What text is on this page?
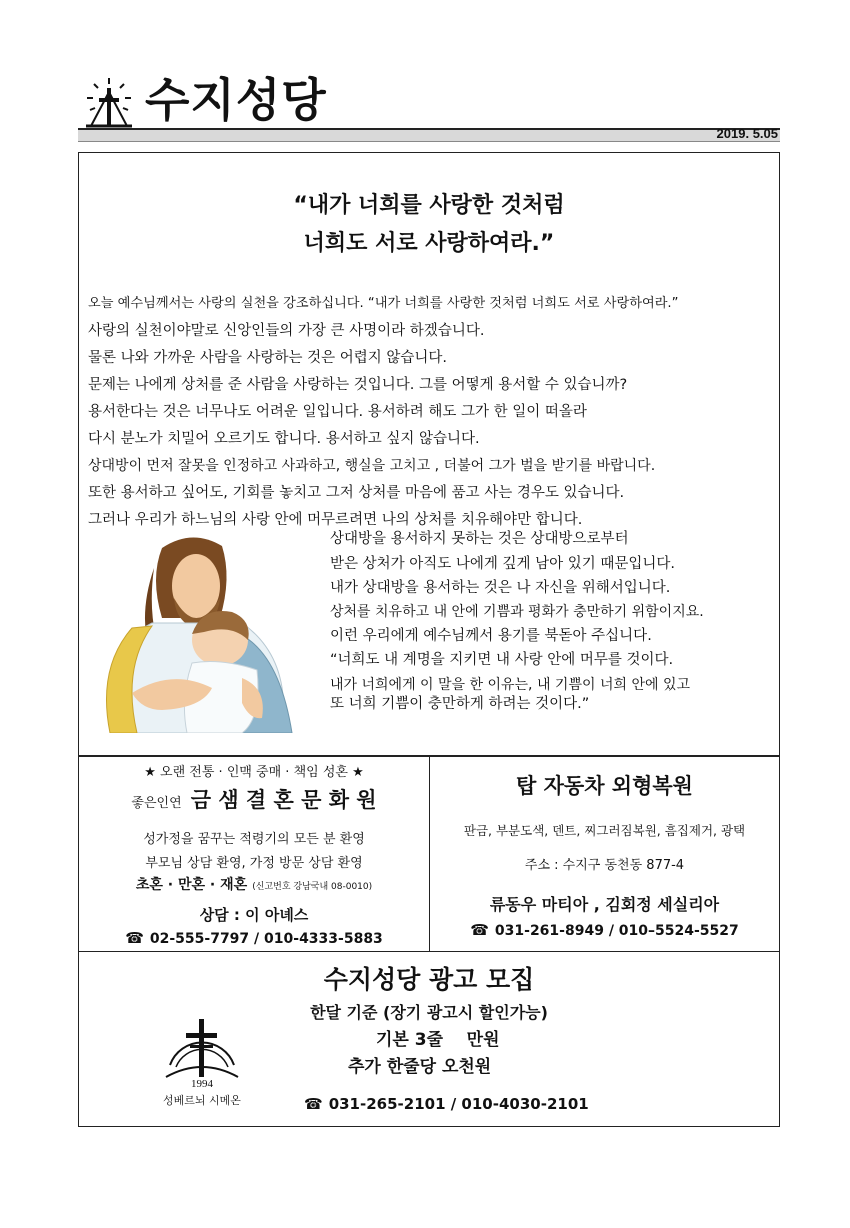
수지성당
2019. 5.05
“내가 너희를 사랑한 것처럼
너희도 서로 사랑하여라.”
오늘 예수님께서는 사랑의 실천을 강조하십니다. “내가 너희를 사랑한 것처럼 너희도 서로 사랑하여라.”
사랑의 실천이야말로 신앙인들의 가장 큰 사명이라 하겠습니다.
물론 나와 가까운 사람을 사랑하는 것은 어렵지 않습니다.
문제는 나에게 상처를 준 사람을 사랑하는 것입니다. 그를 어떻게 용서할 수 있습니까?
용서한다는 것은 너무나도 어려운 일입니다. 용서하려 해도 그가 한 일이 떠올라
다시 분노가 치밀어 오르기도 합니다. 용서하고 싶지 않습니다.
상대방이 먼저 잘못을 인정하고 사과하고, 행실을 고치고 , 더불어 그가 벌을 받기를 바랍니다.
또한 용서하고 싶어도, 기회를 놓치고 그저 상처를 마음에 품고 사는 경우도 있습니다.
그러나 우리가 하느님의 사랑 안에 머무르려면 나의 상처를 치유해야만 합니다.
상대방을 용서하지 못하는 것은 상대방으로부터
받은 상처가 아직도 나에게 깊게 남아 있기 때문입니다.
내가 상대방을 용서하는 것은 나 자신을 위해서입니다.
상처를 치유하고 내 안에 기쁨과 평화가 충만하기 위함이지요.
이런 우리에게 예수님께서 용기를 북돋아 주십니다.
“너희도 내 계명을 지키면 내 사랑 안에 머무를 것이다.
내가 너희에게 이 말을 한 이유는, 내 기쁨이 너희 안에 있고
또 너희 기쁨이 충만하게 하려는 것이다.”
★ 오랜 전통 · 인맥 중매 · 책임 성혼 ★
좋은인연 금 샘 결 혼 문 화 원
성가정을 꿈꾸는 적령기의 모든 분 환영
부모님 상담 환영, 가정 방문 상담 환영
초혼 · 만혼 · 재혼 (신고번호 강남국내 08-0010)
상담 : 이 아녜스
☎ 02-555-7797 / 010-4333-5883
탑 자동차 외형복원
판금, 부분도색, 덴트, 찌그러짐복원, 흠집제거, 광택
주소 : 수지구 동천동 877-4
류동우 마티아 , 김회정 세실리아
☎ 031-261-8949 / 010–5524-5527
수지성당 광고 모집
한달 기준 (장기 광고시 할인가능)
기본 3줄    만원
추가 한줄당 오천원
1994
성베르뇌 시메온	☎ 031-265-2101 / 010-4030-2101
